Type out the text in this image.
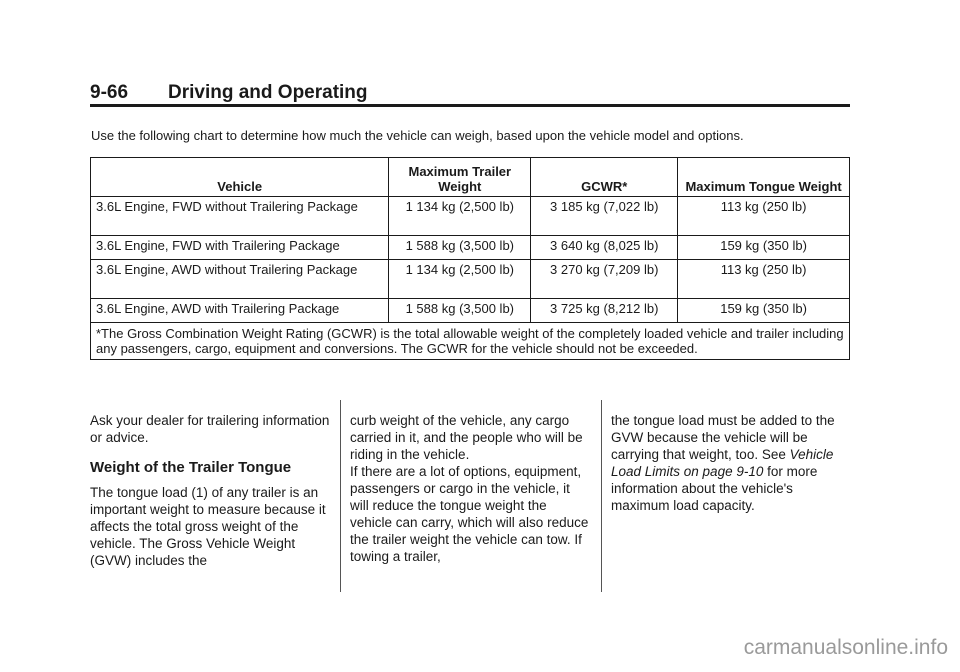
9-66 Driving and Operating
Use the following chart to determine how much the vehicle can weigh, based upon the vehicle model and options.
Vehicle	Maximum Trailer Weight	GCWR*	Maximum Tongue Weight
3.6L Engine, FWD without Trailering Package	1 134 kg (2,500 lb)	3 185 kg (7,022 lb)	113 kg (250 lb)
3.6L Engine, FWD with Trailering Package	1 588 kg (3,500 lb)	3 640 kg (8,025 lb)	159 kg (350 lb)
3.6L Engine, AWD without Trailering Package	1 134 kg (2,500 lb)	3 270 kg (7,209 lb)	113 kg (250 lb)
3.6L Engine, AWD with Trailering Package	1 588 kg (3,500 lb)	3 725 kg (8,212 lb)	159 kg (350 lb)
*The Gross Combination Weight Rating (GCWR) is the total allowable weight of the completely loaded vehicle and trailer including any passengers, cargo, equipment and conversions. The GCWR for the vehicle should not be exceeded.			

Ask your dealer for trailering information or advice.

Weight of the Trailer Tongue

The tongue load (1) of any trailer is an important weight to measure because it affects the total gross weight of the vehicle. The Gross Vehicle Weight (GVW) includes the

curb weight of the vehicle, any cargo carried in it, and the people who will be riding in the vehicle.

If there are a lot of options, equipment, passengers or cargo in the vehicle, it will reduce the tongue weight the vehicle can carry, which will also reduce the trailer weight the vehicle can tow. If towing a trailer,

the tongue load must be added to the GVW because the vehicle will be carrying that weight, too. See Vehicle Load Limits on page 9-10 for more information about the vehicle's maximum load capacity.

carmanualsonline.info
